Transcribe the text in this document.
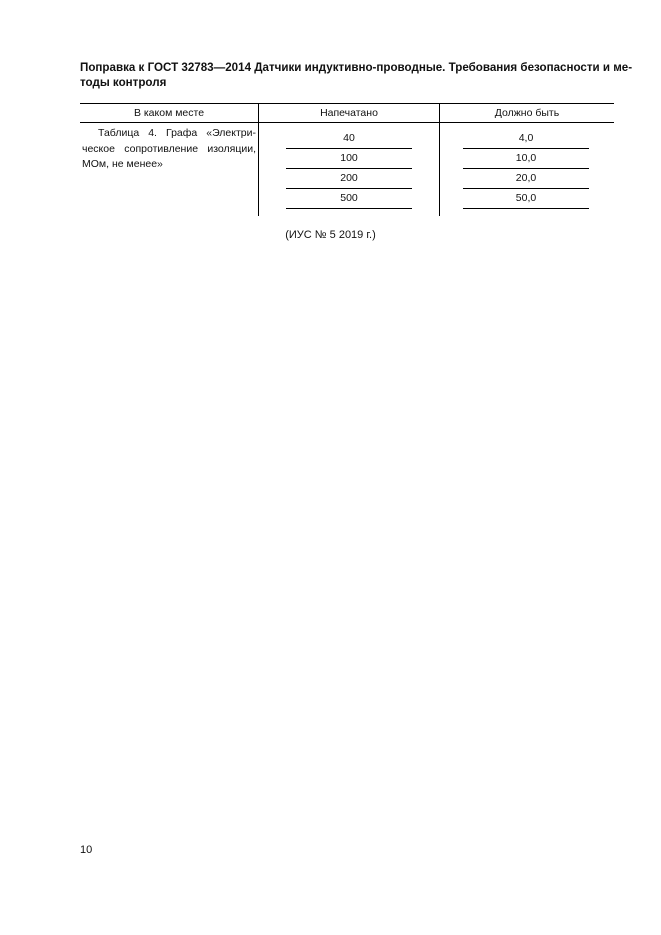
Поправка к ГОСТ 32783—2014 Датчики индуктивно-проводные. Требования безопасности и ме-
тоды контроля
В каком месте	Напечатано	Должно быть
Таблица 4. Графа «Электри-
ческое сопротивление изоляции,
МОм, не менее»
40
100
200
500
4,0
10,0
20,0
50,0
(ИУС № 5 2019 г.)
10
